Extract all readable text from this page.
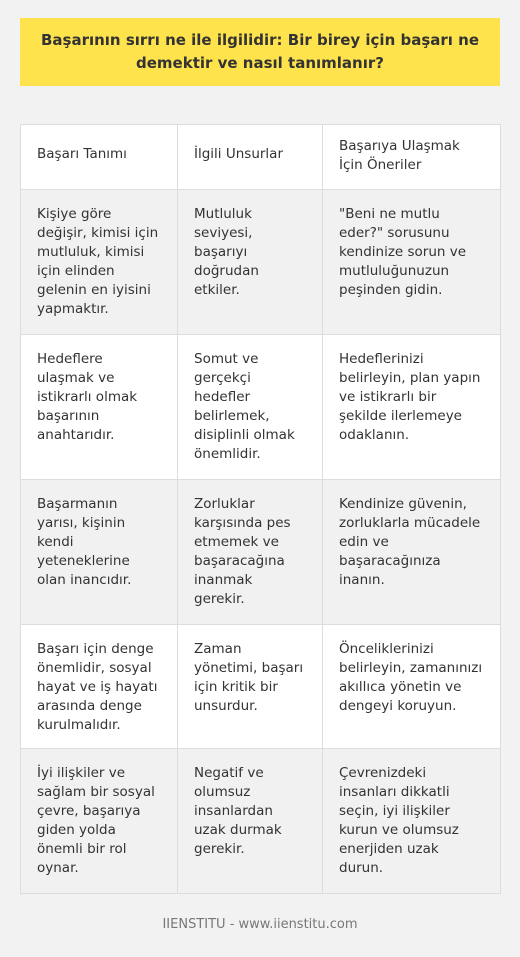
Başarının sırrı ne ile ilgilidir: Bir birey için başarı ne demektir ve nasıl tanımlanır?
Başarı Tanımı	İlgili Unsurlar	Başarıya Ulaşmak İçin Öneriler
Kişiye göre değişir, kimisi için mutluluk, kimisi için elinden gelenin en iyisini yapmaktır.	Mutluluk seviyesi, başarıyı doğrudan etkiler.	"Beni ne mutlu eder?" sorusunu kendinize sorun ve mutluluğunuzun peşinden gidin.
Hedeflere ulaşmak ve istikrarlı olmak başarının anahtarıdır.	Somut ve gerçekçi hedefler belirlemek, disiplinli olmak önemlidir.	Hedeflerinizi belirleyin, plan yapın ve istikrarlı bir şekilde ilerlemeye odaklanın.
Başarmanın yarısı, kişinin kendi yeteneklerine olan inancıdır.	Zorluklar karşısında pes etmemek ve başaracağına inanmak gerekir.	Kendinize güvenin, zorluklarla mücadele edin ve başaracağınıza inanın.
Başarı için denge önemlidir, sosyal hayat ve iş hayatı arasında denge kurulmalıdır.	Zaman yönetimi, başarı için kritik bir unsurdur.	Önceliklerinizi belirleyin, zamanınızı akıllıca yönetin ve dengeyi koruyun.
İyi ilişkiler ve sağlam bir sosyal çevre, başarıya giden yolda önemli bir rol oynar.	Negatif ve olumsuz insanlardan uzak durmak gerekir.	Çevrenizdeki insanları dikkatli seçin, iyi ilişkiler kurun ve olumsuz enerjiden uzak durun.
IIENSTITU - www.iienstitu.com
